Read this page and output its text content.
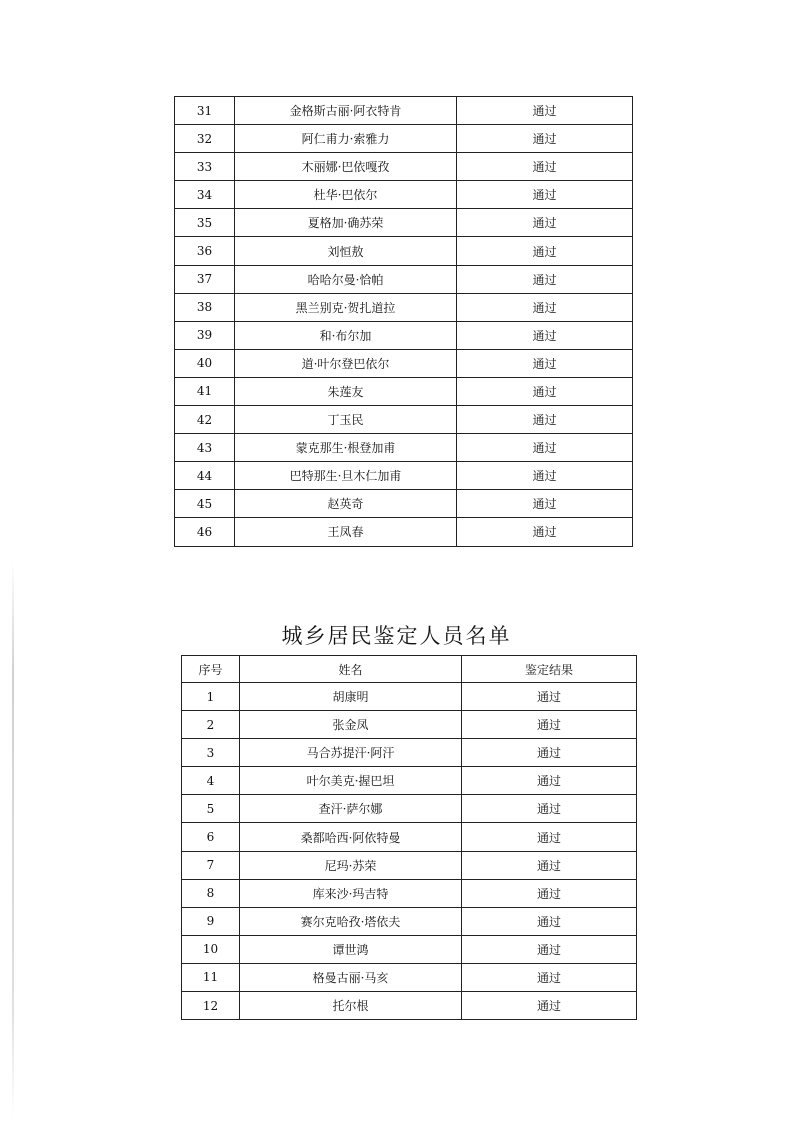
31	金格斯古丽·阿衣特肯	通过
32	阿仁甫力·索雅力	通过
33	木丽娜·巴依嘎孜	通过
34	杜华·巴依尔	通过
35	夏格加·确苏荣	通过
36	刘恒敖	通过
37	哈哈尔曼·恰帕	通过
38	黑兰别克·贺扎道拉	通过
39	和·布尔加	通过
40	道·叶尔登巴依尔	通过
41	朱莲友	通过
42	丁玉民	通过
43	蒙克那生·根登加甫	通过
44	巴特那生·旦木仁加甫	通过
45	赵英奇	通过
46	王凤春	通过
城乡居民鉴定人员名单
序号	姓名	鉴定结果
1	胡康明	通过
2	张金凤	通过
3	马合苏提汗·阿汗	通过
4	叶尔美克·握巴坦	通过
5	查汗·萨尔娜	通过
6	桑都哈西·阿依特曼	通过
7	尼玛·苏荣	通过
8	库来沙·玛吉特	通过
9	赛尔克哈孜·塔依夫	通过
10	谭世鸿	通过
11	格曼古丽·马亥	通过
12	托尔根	通过
